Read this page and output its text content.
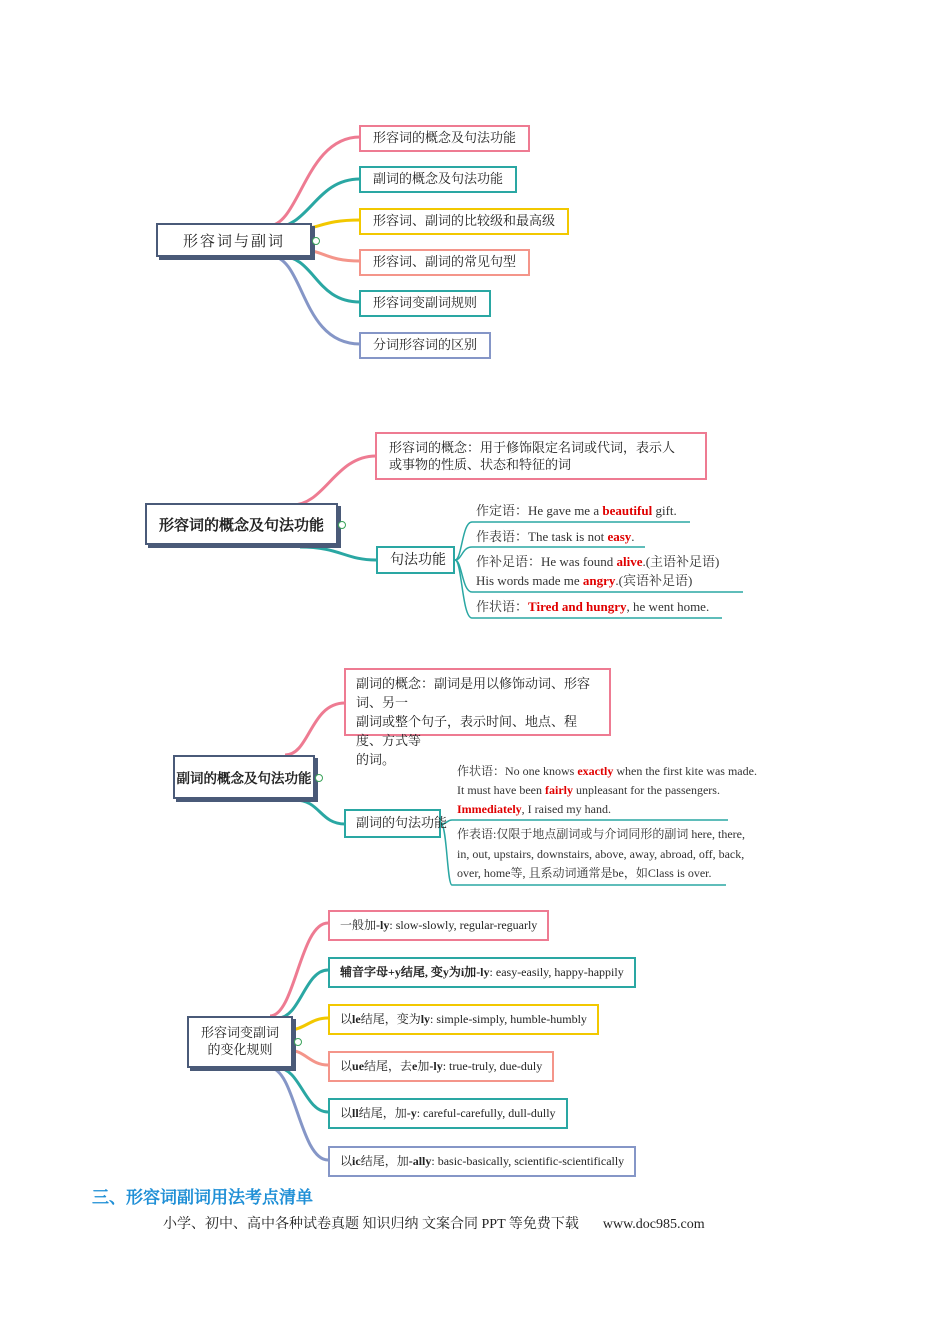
形容词与副词
形容词的概念及句法功能
副词的概念及句法功能
形容词、副词的比较级和最高级
形容词、副词的常见句型
形容词变副词规则
分词形容词的区别
形容词的概念及句法功能
形容词的概念：用于修饰限定名词或代词，表示人
或事物的性质、状态和特征的词
句法功能
作定语：He gave me a beautiful gift.
作表语：The task is not easy.
作补足语：He was found alive.(主语补足语)
His words made me angry.(宾语补足语)
作状语：Tired and hungry, he went home.
副词的概念及句法功能
副词的概念：副词是用以修饰动词、形容词、另一
副词或整个句子，表示时间、地点、程度、方式等
的词。
副词的句法功能
作状语：No one knows exactly when the first kite was made.
It must have been fairly unpleasant for the passengers.
Immediately, I raised my hand.
作表语:仅限于地点副词或与介词同形的副词 here, there,
in, out, upstairs, downstairs, above, away, abroad, off, back,
over, home等, 且系动词通常是be，如Class is over.
形容词变副词
的变化规则
一般加-ly: slow-slowly, regular-reguarly
辅音字母+y结尾, 变y为i加-ly: easy-easily, happy-happily
以le结尾，变为ly: simple-simply, humble-humbly
以ue结尾，去e加-ly: true-truly, due-duly
以ll结尾，加-y: careful-carefully, dull-dully
以ic结尾，加-ally: basic-basically, scientific-scientifically
三、形容词副词用法考点清单
小学、初中、高中各种试卷真题 知识归纳 文案合同 PPT 等免费下载 www.doc985.com
